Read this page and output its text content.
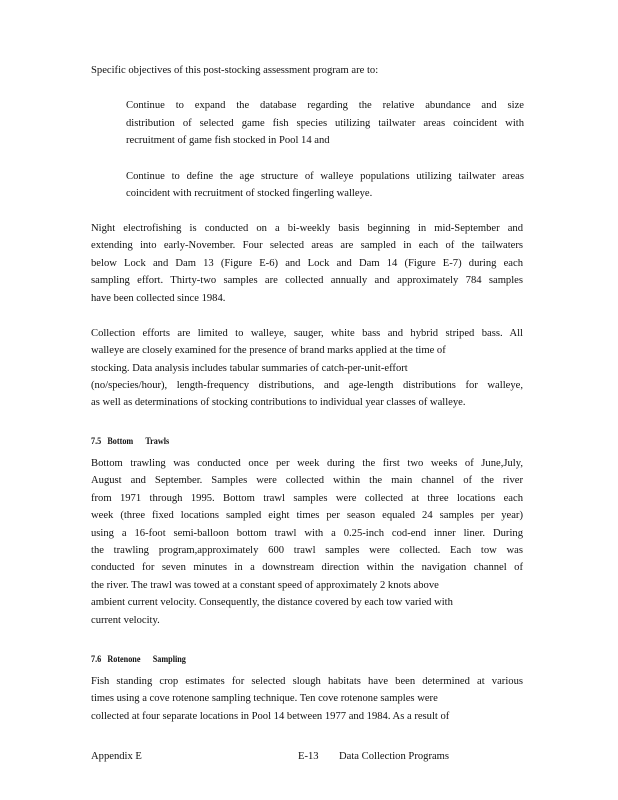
Specific objectives of this post-stocking assessment program are to:
Continue to expand the database regarding the relative abundance and size
distribution of selected game fish species utilizing tailwater areas coincident with
recruitment of game fish stocked in Pool 14 and
Continue to define the age structure of walleye populations utilizing tailwater areas
coincident with recruitment of stocked fingerling walleye.
Night electrofishing is conducted on a bi-weekly basis beginning in mid-September and
extending into early-November. Four selected areas are sampled in each of the tailwaters
below Lock and Dam 13 (Figure E-6) and Lock and Dam 14 (Figure E-7) during each
sampling effort. Thirty-two samples are collected annually and approximately 784 samples
have been collected since 1984.
Collection efforts are limited to walleye, sauger, white bass and hybrid striped bass. All
walleye are closely examined for the presence of brand marks applied at the time of
stocking. Data analysis includes tabular summaries of catch-per-unit-effort
(no/species/hour), length-frequency distributions, and age-length distributions for walleye,
as well as determinations of stocking contributions to individual year classes of walleye.
7.5 Bottom      Trawls
Bottom trawling was conducted once per week during the first two weeks of June,July,
August and September. Samples were collected within the main channel of the river
from 1971 through 1995. Bottom trawl samples were collected at three locations each
week (three fixed locations sampled eight times per season equaled 24 samples per year)
using a 16-foot semi-balloon bottom trawl with a 0.25-inch cod-end inner liner. During
the trawling program,approximately 600 trawl samples were collected. Each tow was
conducted for seven minutes in a downstream direction within the navigation channel of
the river. The trawl was towed at a constant speed of approximately 2 knots above
ambient current velocity. Consequently, the distance covered by each tow varied with
current velocity.
7.6 Rotenone      Sampling
Fish standing crop estimates for selected slough habitats have been determined at various
times using a cove rotenone sampling technique. Ten cove rotenone samples were
collected at four separate locations in Pool 14 between 1977 and 1984. As a result of
Appendix E	E-13 Data Collection Programs
